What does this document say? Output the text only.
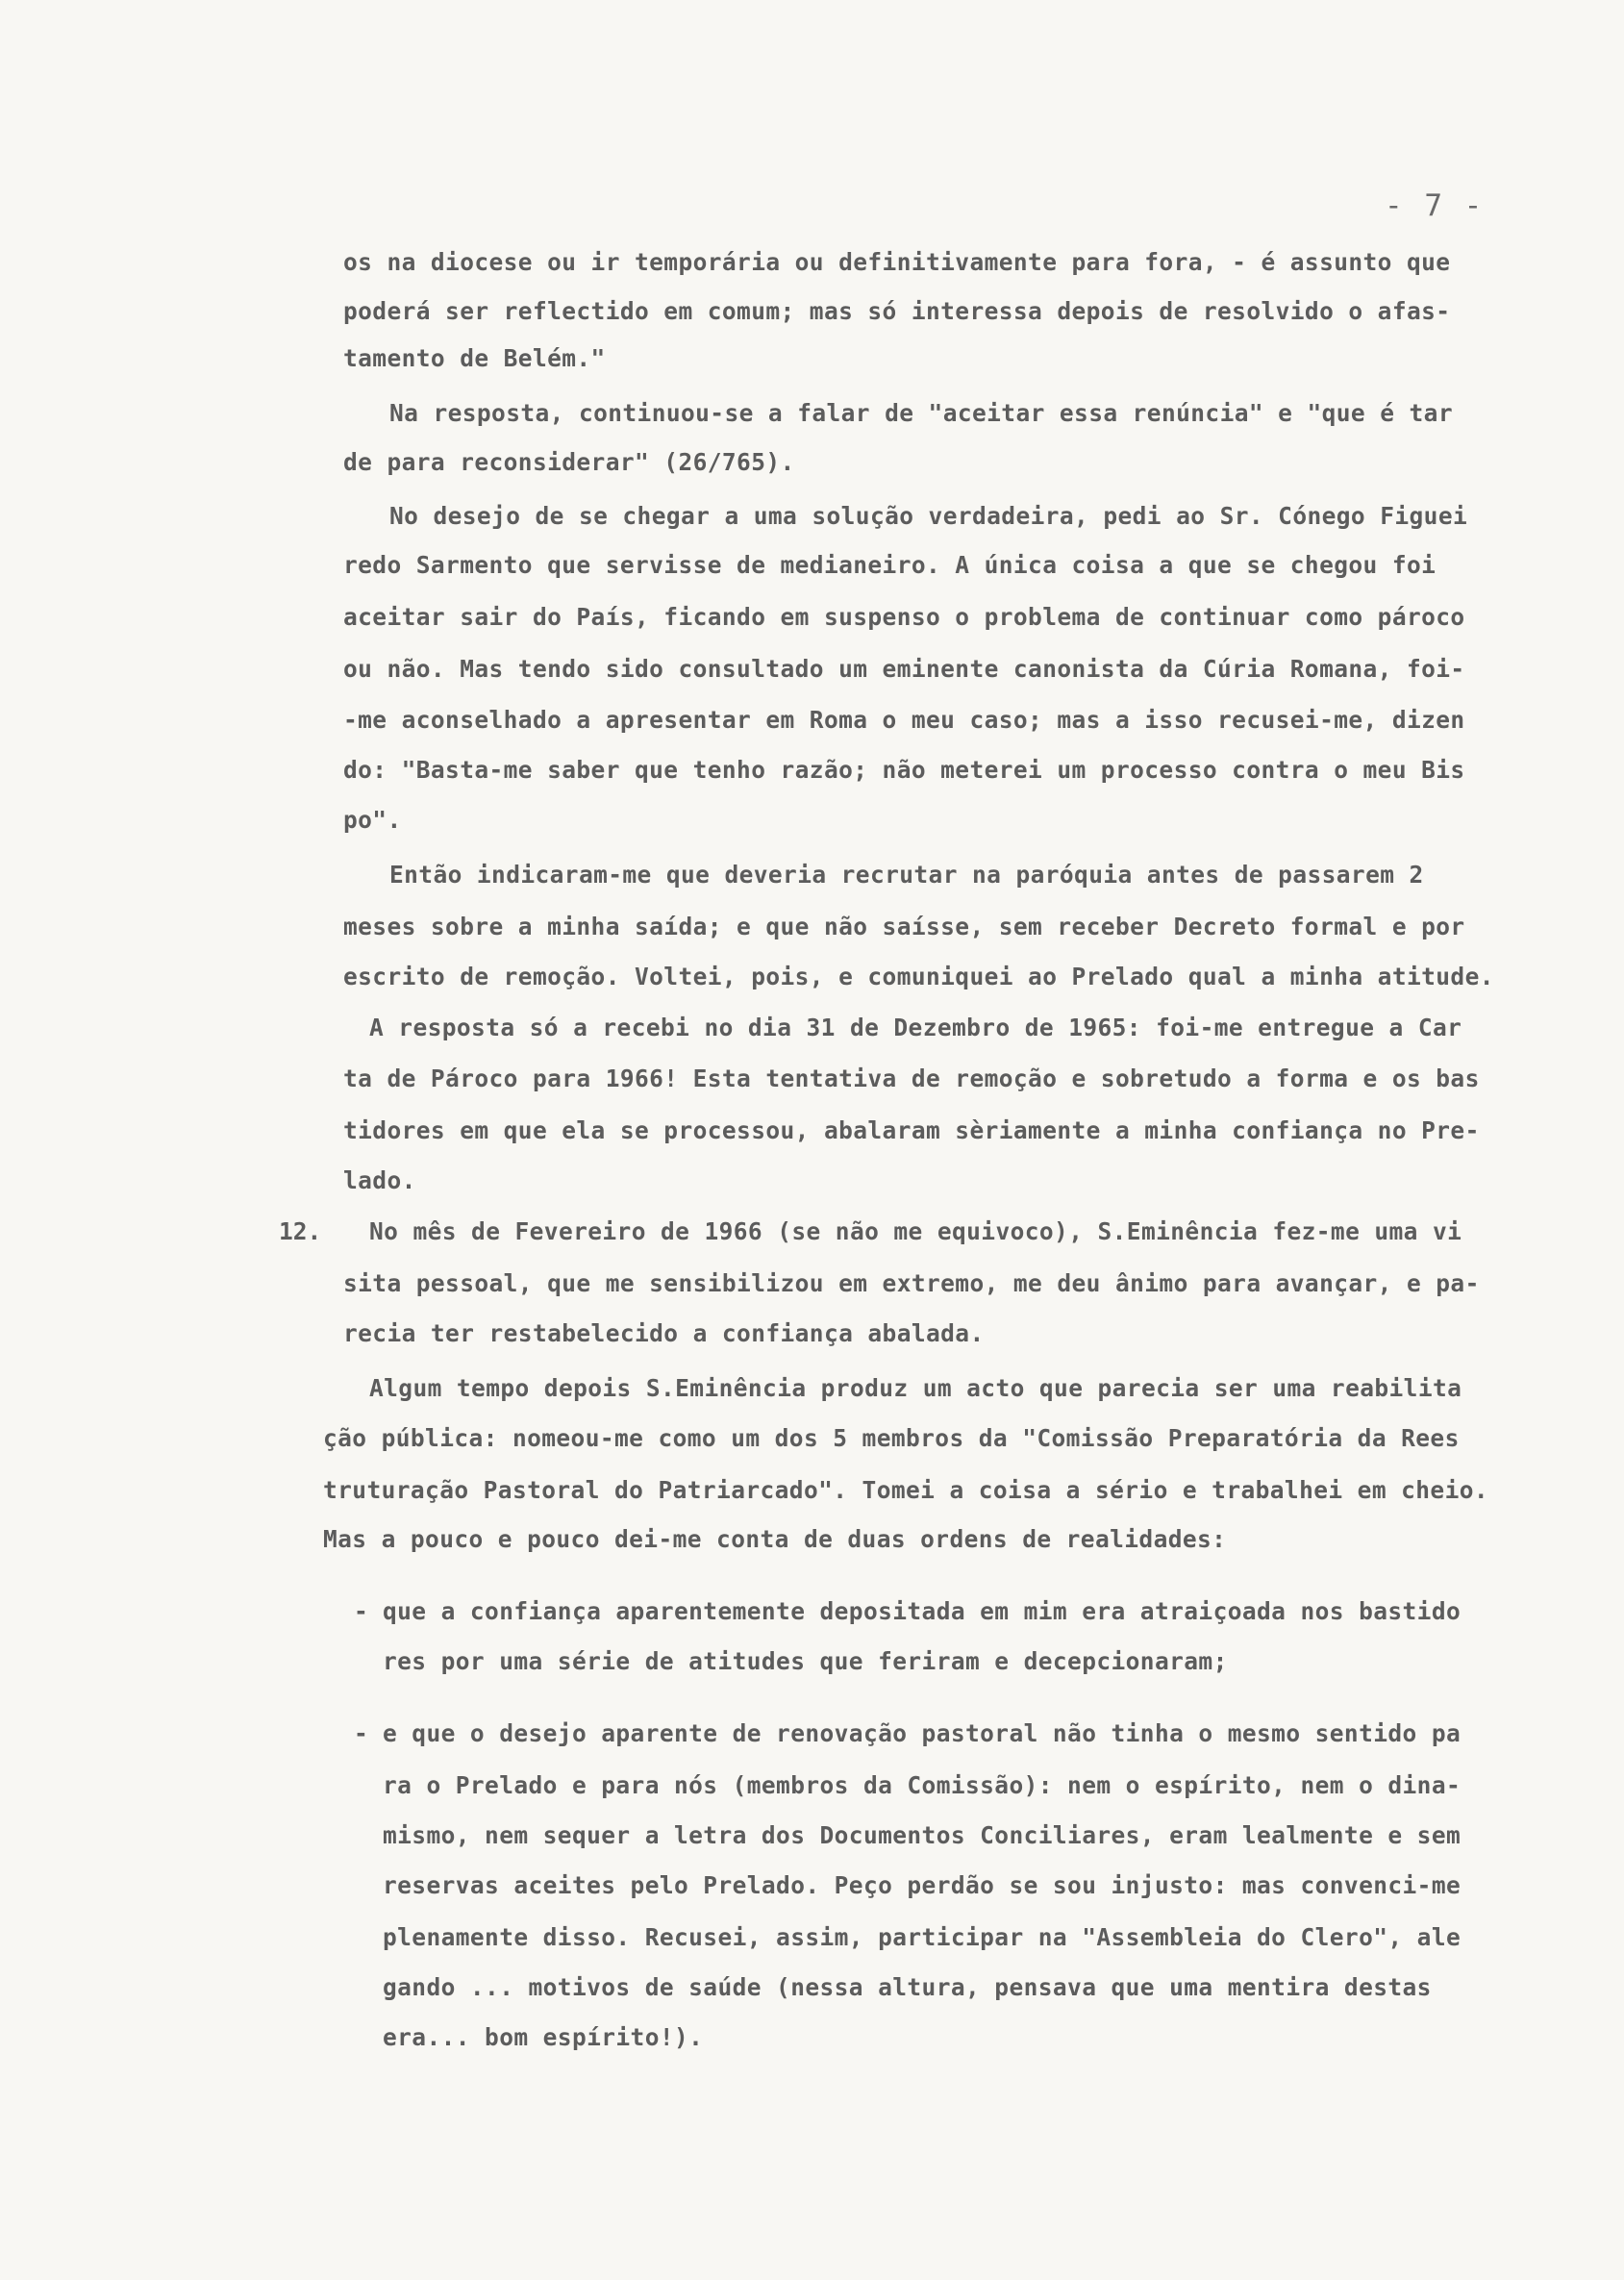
- 7 -
os na diocese ou ir temporária ou definitivamente para fora, - é assunto que
poderá ser reflectido em comum; mas só interessa depois de resolvido o afas-
tamento de Belém."
Na resposta, continuou-se a falar de "aceitar essa renúncia" e "que é tar
de para reconsiderar" (26/765).
No desejo de se chegar a uma solução verdadeira, pedi ao Sr. Cónego Figuei
redo Sarmento que servisse de medianeiro. A única coisa a que se chegou foi
aceitar sair do País, ficando em suspenso o problema de continuar como pároco
ou não. Mas tendo sido consultado um eminente canonista da Cúria Romana, foi-
-me aconselhado a apresentar em Roma o meu caso; mas a isso recusei-me, dizen
do: "Basta-me saber que tenho razão; não meterei um processo contra o meu Bis
po".
Então indicaram-me que deveria recrutar na paróquia antes de passarem 2
meses sobre a minha saída; e que não saísse, sem receber Decreto formal e por
escrito de remoção. Voltei, pois, e comuniquei ao Prelado qual a minha atitude.
A resposta só a recebi no dia 31 de Dezembro de 1965: foi-me entregue a Car
ta de Pároco para 1966! Esta tentativa de remoção e sobretudo a forma e os bas
tidores em que ela se processou, abalaram sèriamente a minha confiança no Pre-
lado.
12. No mês de Fevereiro de 1966 (se não me equivoco), S.Eminência fez-me uma vi
sita pessoal, que me sensibilizou em extremo, me deu ânimo para avançar, e pa-
recia ter restabelecido a confiança abalada.
Algum tempo depois S.Eminência produz um acto que parecia ser uma reabilita
ção pública: nomeou-me como um dos 5 membros da "Comissão Preparatória da Rees
truturação Pastoral do Patriarcado". Tomei a coisa a sério e trabalhei em cheio.
Mas a pouco e pouco dei-me conta de duas ordens de realidades:
- que a confiança aparentemente depositada em mim era atraiçoada nos bastido
res por uma série de atitudes que feriram e decepcionaram;
- e que o desejo aparente de renovação pastoral não tinha o mesmo sentido pa
ra o Prelado e para nós (membros da Comissão): nem o espírito, nem o dina-
mismo, nem sequer a letra dos Documentos Conciliares, eram lealmente e sem
reservas aceites pelo Prelado. Peço perdão se sou injusto: mas convenci-me
plenamente disso. Recusei, assim, participar na "Assembleia do Clero", ale
gando ... motivos de saúde (nessa altura, pensava que uma mentira destas
era... bom espírito!).
